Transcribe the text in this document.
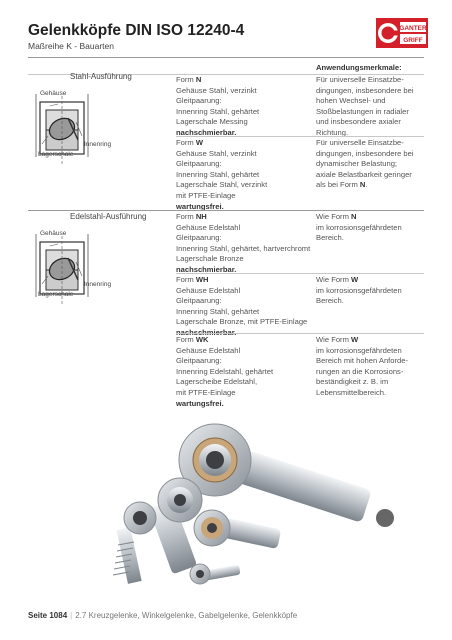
Gelenkköpfe DIN ISO 12240-4
Maßreihe K - Bauarten
GANTER
GRIFF
Anwendungsmerkmale:
Stahl-Ausführung
Gehäuse
Innenring
Lagerschale
Form N
Gehäuse Stahl, verzinkt
Gleitpaarung:
Innenring Stahl, gehärtet
Lagerschale Messing
nachschmierbar.
Für universelle Einsatzbe-
dingungen, insbesondere bei
hohen Wechsel- und
Stoßbelastungen in radialer
und insbesondere axialer
Richtung.
Form W
Gehäuse Stahl, verzinkt
Gleitpaarung:
Innenring Stahl, gehärtet
Lagerschale Stahl, verzinkt
mit PTFE-Einlage
wartungsfrei.
Für universelle Einsatzbe-
dingungen, insbesondere bei
dynamischer Belastung;
axiale Belastbarkeit geringer
als bei Form N.
Edelstahl-Ausführung
Gehäuse
Innenring
Lagerschale
Form NH
Gehäuse Edelstahl
Gleitpaarung:
Innenring Stahl, gehärtet, hartverchromt
Lagerschale Bronze
nachschmierbar.
Wie Form N
im korrosionsgefährdeten
Bereich.
Form WH
Gehäuse Edelstahl
Gleitpaarung:
Innenring Stahl, gehärtet
Lagerschale Bronze, mit PTFE-Einlage
nachschmierbar.
Wie Form W
im korrosionsgefährdeten
Bereich.
Form WK
Gehäuse Edelstahl
Gleitpaarung:
Innenring Edelstahl, gehärtet
Lagerscheibe Edelstahl,
mit PTFE-Einlage
wartungsfrei.
Wie Form W
im korrosionsgefährdeten
Bereich mit hohen Anforde-
rungen an die Korrosions-
beständigkeit z. B. im
Lebensmittelbereich.
Seite 1084 | 2.7 Kreuzgelenke, Winkelgelenke, Gabelgelenke, Gelenkköpfe
